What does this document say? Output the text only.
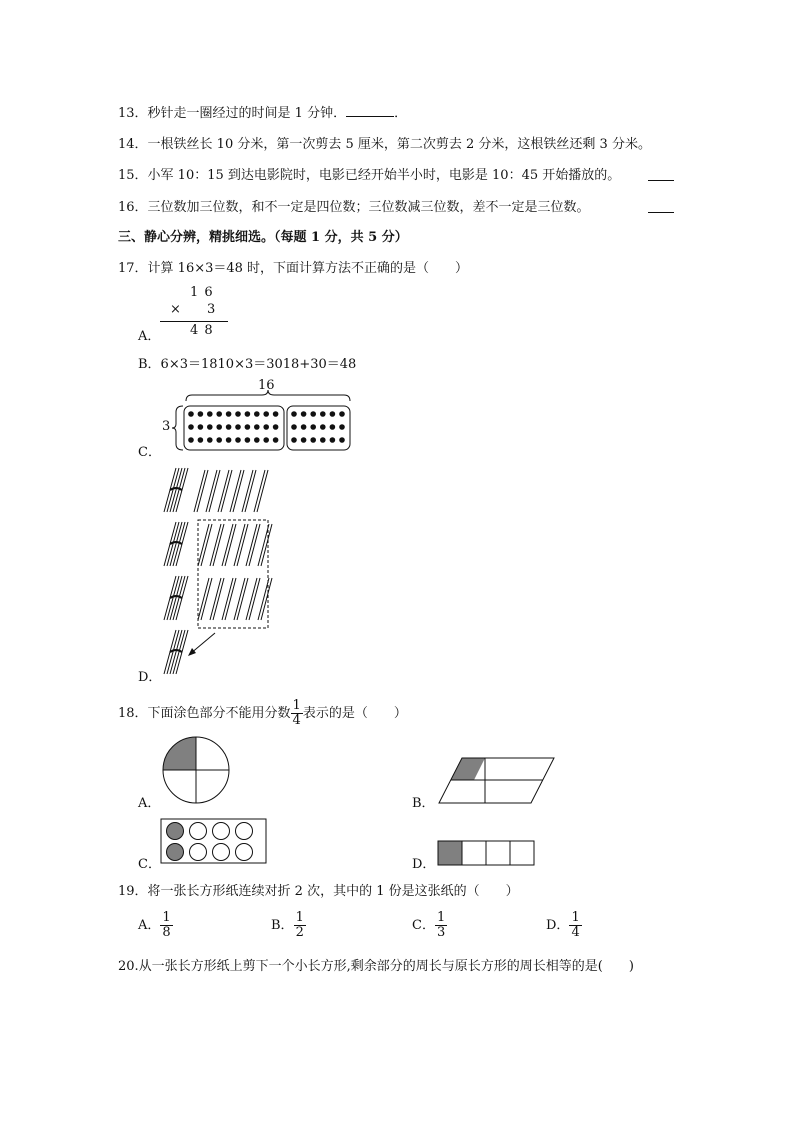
13．秒针走一圈经过的时间是 1 分钟．	．
14．一根铁丝长 10 分米，第一次剪去 5 厘米，第二次剪去 2 分米，这根铁丝还剩 3 分米。
15．小军 10：15 到达电影院时，电影已经开始半小时，电影是 10：45 开始播放的。
16．三位数加三位数，和不一定是四位数；三位数减三位数，差不一定是三位数。
三、静心分辨，精挑细选。（每题 1 分，共 5 分）
17．计算 16×3＝48 时，下面计算方法不正确的是（　　）
A．
1 6
× 3
4 8
B．6×3＝1810×3＝3018+30＝48
16
3
C．
D．
18．下面涂色部分不能用分数 $\frac{1}{4}$ 表示的是（　　）
A．	B．
C．	D．
19．将一张长方形纸连续对折 2 次，其中的 1 份是这张纸的（　　）
A． $\frac{1}{8}$	B． $\frac{1}{2}$	C． $\frac{1}{3}$	D． $\frac{1}{4}$
20.从一张长方形纸上剪下一个小长方形,剩余部分的周长与原长方形的周长相等的是(　　)
